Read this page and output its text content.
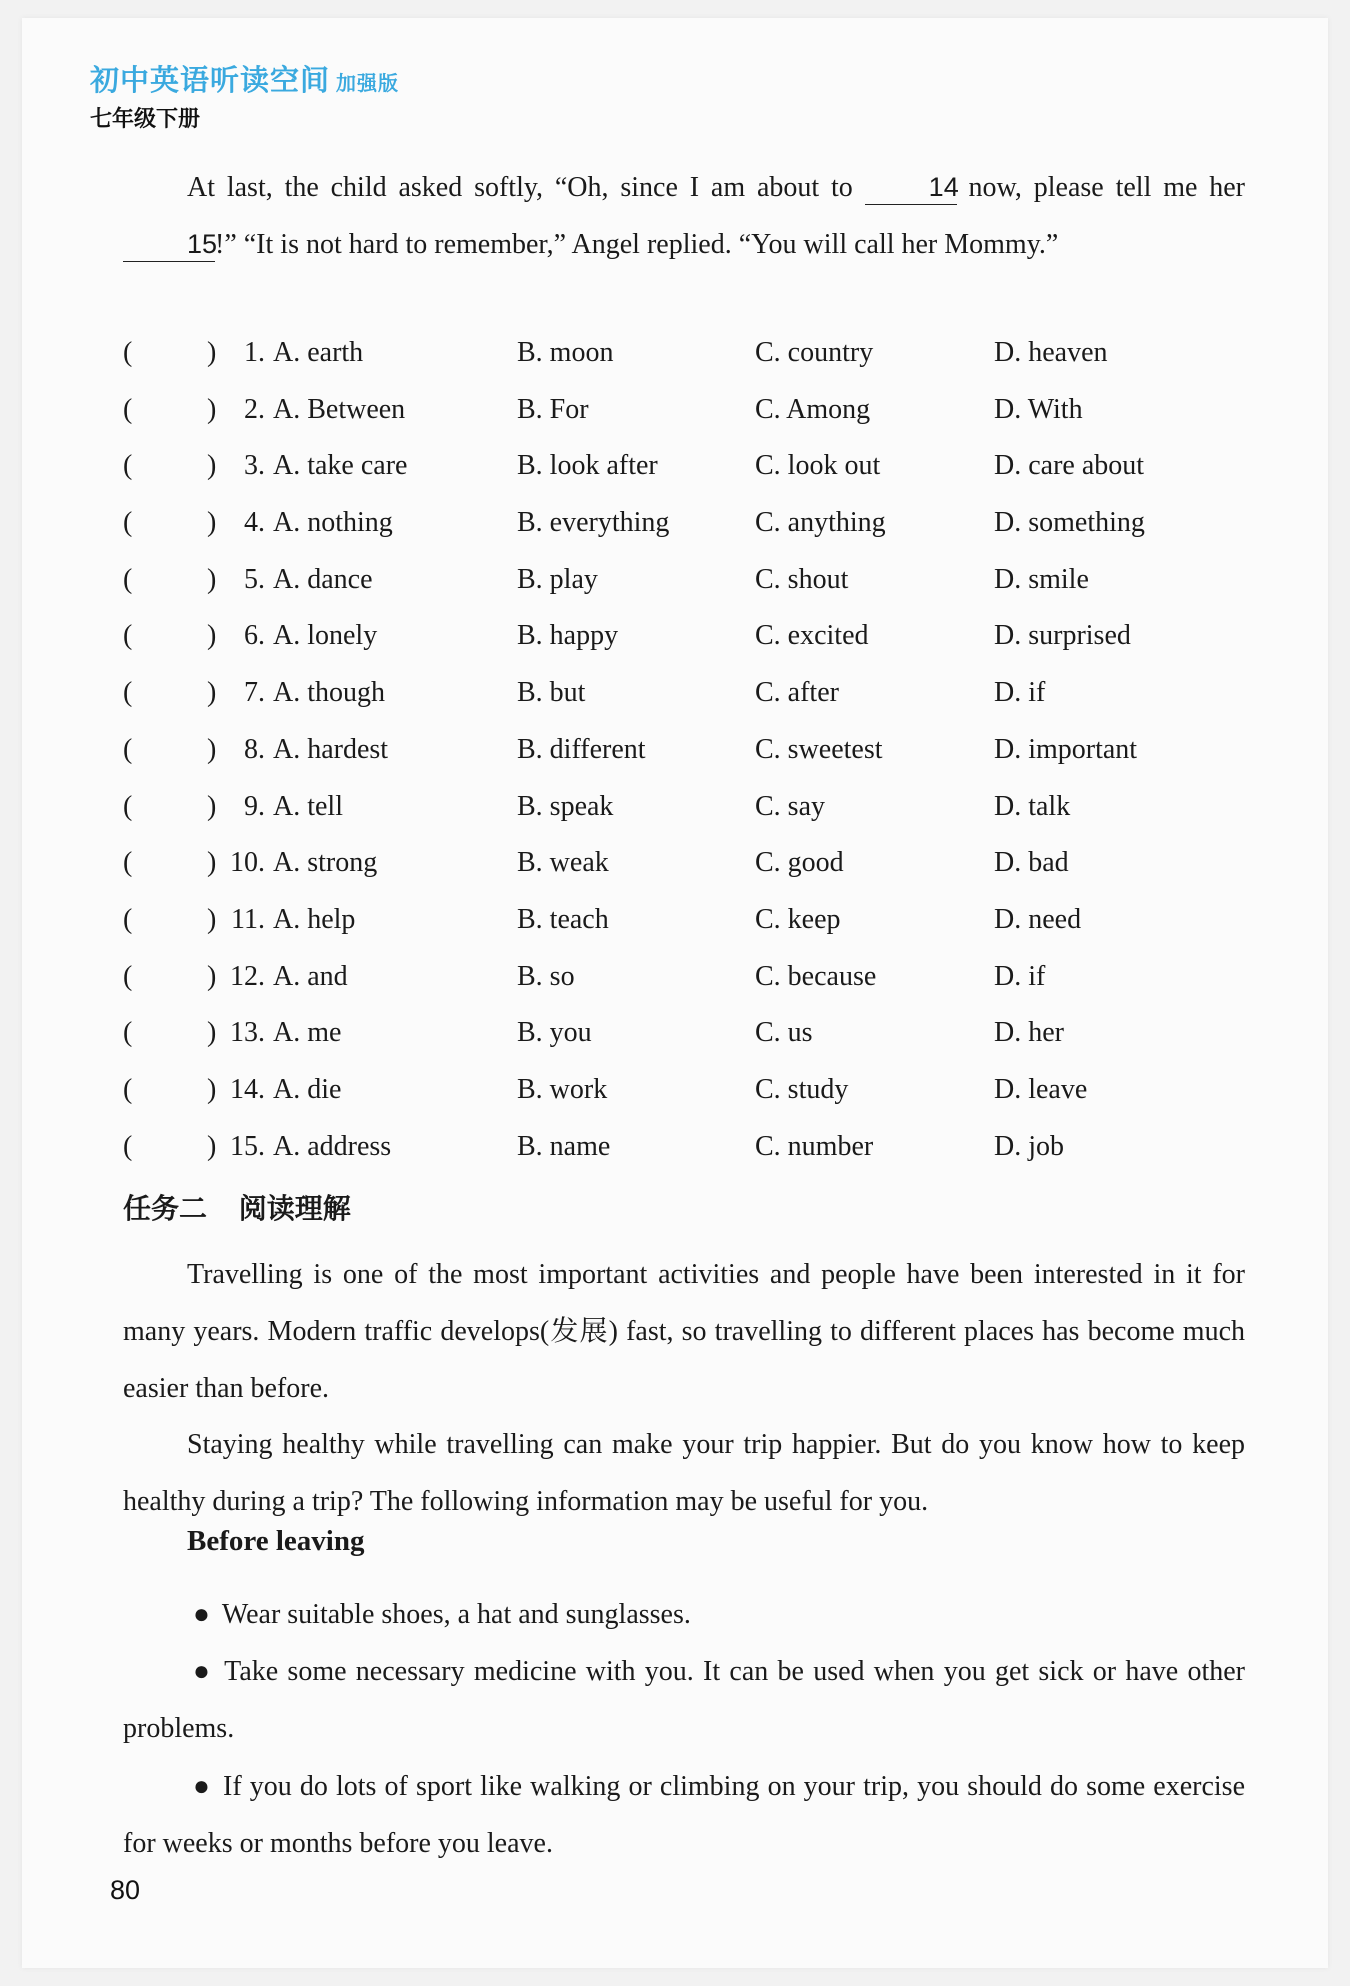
初中英语听读空间 加强版
七年级下册
At last, the child asked softly, “Oh, since I am about to	14 now, please tell me her 15!” “It is not hard to remember,” Angel replied. “You will call her Mommy.”
(	) 1. A. earth	B. moon	C. country	D. heaven
(	) 2. A. Between	B. For	C. Among	D. With
(	) 3. A. take care	B. look after	C. look out	D. care about
(	) 4. A. nothing	B. everything	C. anything	D. something
(	) 5. A. dance	B. play	C. shout	D. smile
(	) 6. A. lonely	B. happy	C. excited	D. surprised
(	) 7. A. though	B. but	C. after	D. if
(	) 8. A. hardest	B. different	C. sweetest	D. important
(	) 9. A. tell	B. speak	C. say	D. talk
(	) 10. A. strong	B. weak	C. good	D. bad
(	) 11. A. help	B. teach	C. keep	D. need
(	) 12. A. and	B. so	C. because	D. if
(	) 13. A. me	B. you	C. us	D. her
(	) 14. A. die	B. work	C. study	D. leave
(	) 15. A. address	B. name	C. number	D. job
任务二 阅读理解
Travelling is one of the most important activities and people have been interested in it for many years. Modern traffic develops(发展) fast, so travelling to different places has become much easier than before.
Staying healthy while travelling can make your trip happier. But do you know how to keep healthy during a trip? The following information may be useful for you.
Before leaving
● Wear suitable shoes, a hat and sunglasses.
● Take some necessary medicine with you. It can be used when you get sick or have other problems.
● If you do lots of sport like walking or climbing on your trip, you should do some exercise for weeks or months before you leave.
80
